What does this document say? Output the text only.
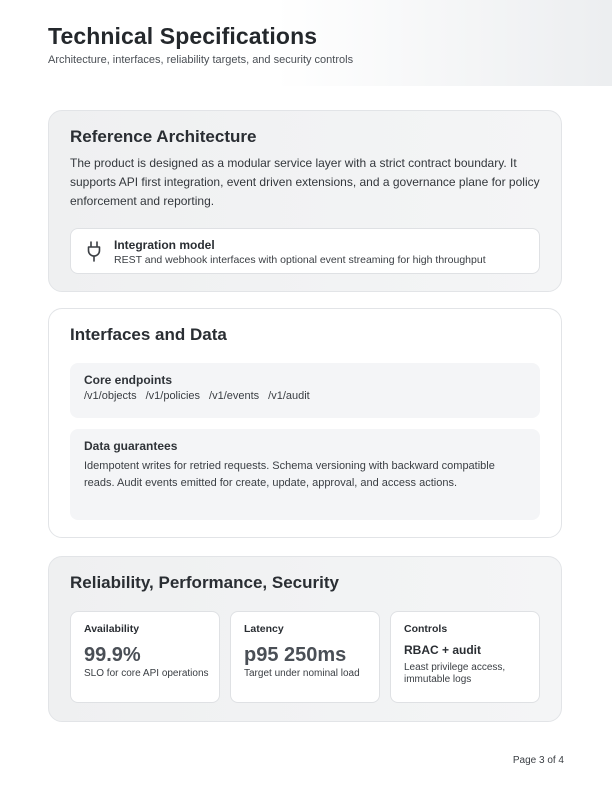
Technical Specifications
Architecture, interfaces, reliability targets, and security controls
Reference Architecture
The product is designed as a modular service layer with a strict contract boundary. It supports API first integration, event driven extensions, and a governance plane for policy enforcement and reporting.
Integration model
REST and webhook interfaces with optional event streaming for high throughput
Interfaces and Data
Core endpoints
/v1/objects /v1/policies /v1/events /v1/audit
Data guarantees
Idempotent writes for retried requests. Schema versioning with backward compatible reads. Audit events emitted for create, update, approval, and access actions.
Reliability, Performance, Security
Availability
99.9%
SLO for core API operations
Latency
p95 250ms
Target under nominal load
Controls
RBAC + audit
Least privilege access, immutable logs
Page 3 of 4
